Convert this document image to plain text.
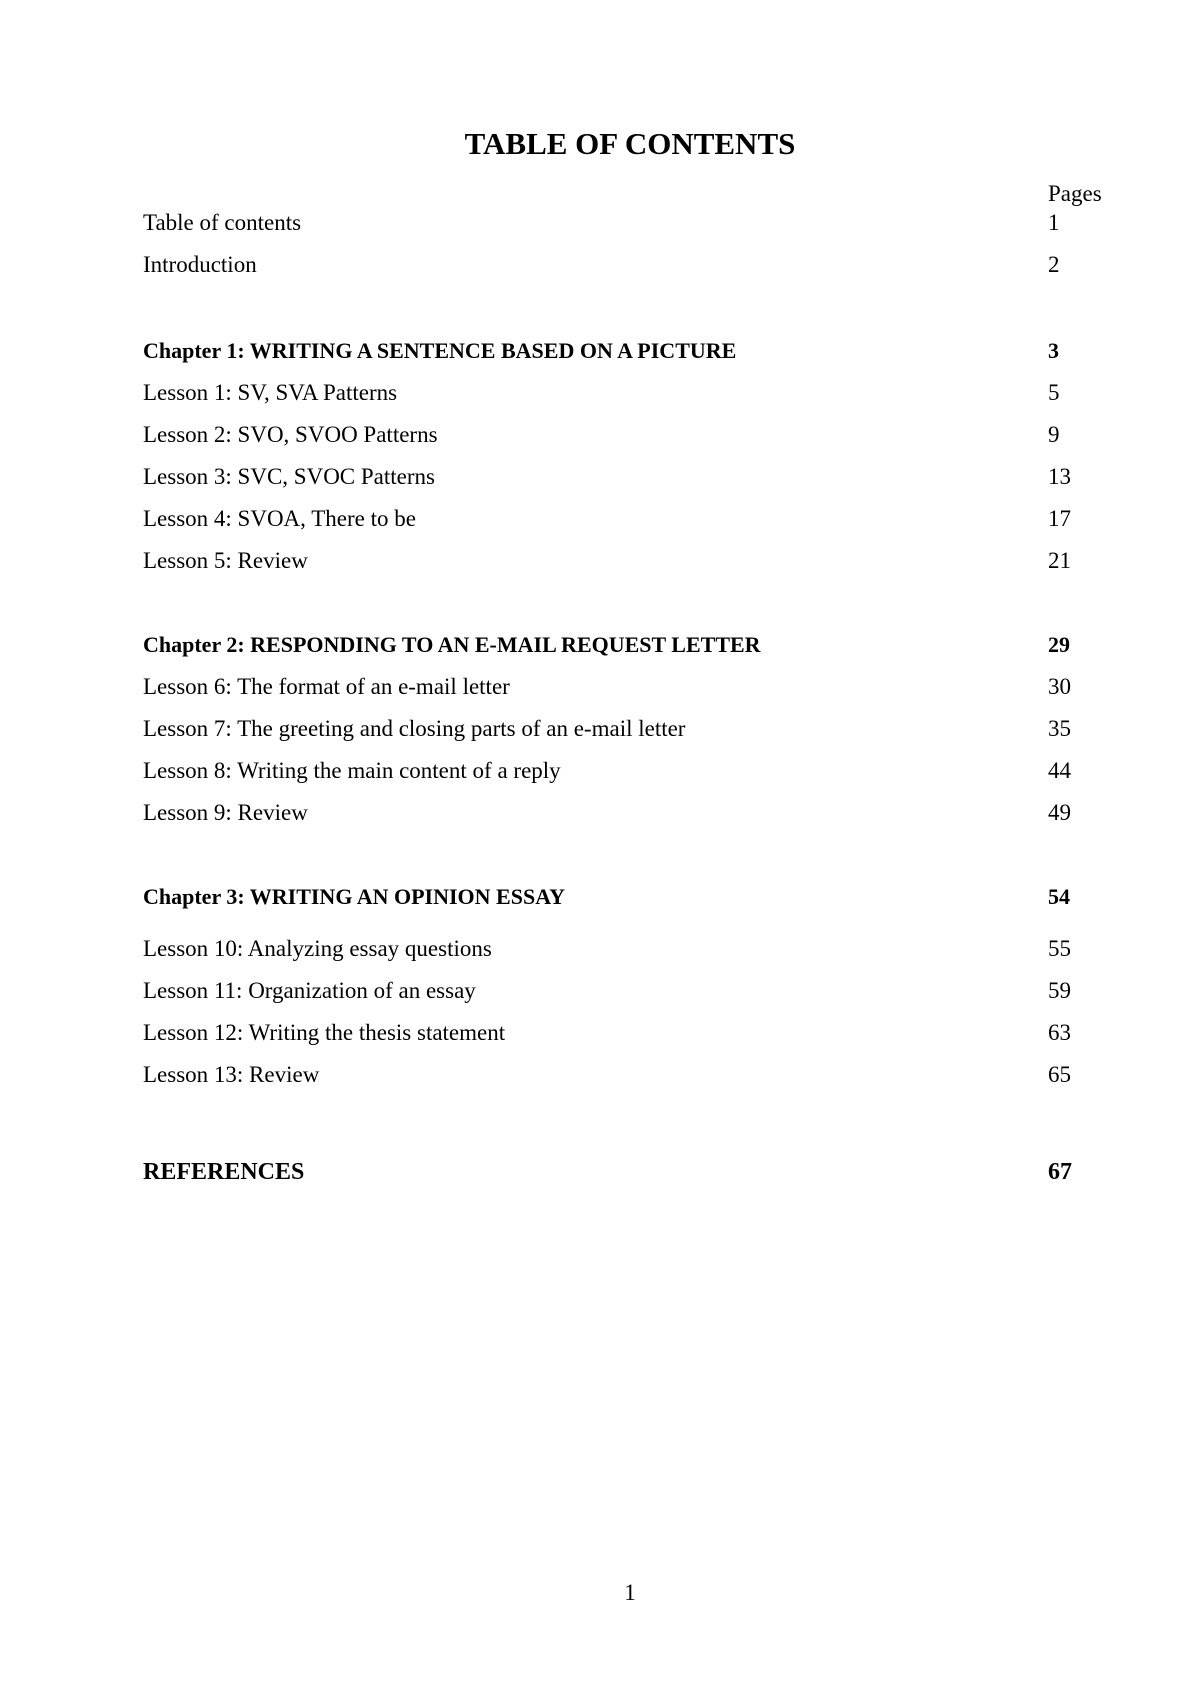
TABLE OF CONTENTS
Pages
Table of contents	1
Introduction	2
Chapter 1: WRITING A SENTENCE BASED ON A PICTURE	3
Lesson 1: SV, SVA Patterns	5
Lesson 2: SVO, SVOO Patterns	9
Lesson 3: SVC, SVOC Patterns	13
Lesson 4: SVOA, There to be	17
Lesson 5: Review	21
Chapter 2: RESPONDING TO AN E-MAIL REQUEST LETTER	29
Lesson 6: The format of an e-mail letter	30
Lesson 7: The greeting and closing parts of an e-mail letter	35
Lesson 8: Writing the main content of a reply	44
Lesson 9: Review	49
Chapter 3: WRITING AN OPINION ESSAY	54
Lesson 10: Analyzing essay questions	55
Lesson 11: Organization of an essay	59
Lesson 12: Writing the thesis statement	63
Lesson 13: Review	65
REFERENCES	67
1
